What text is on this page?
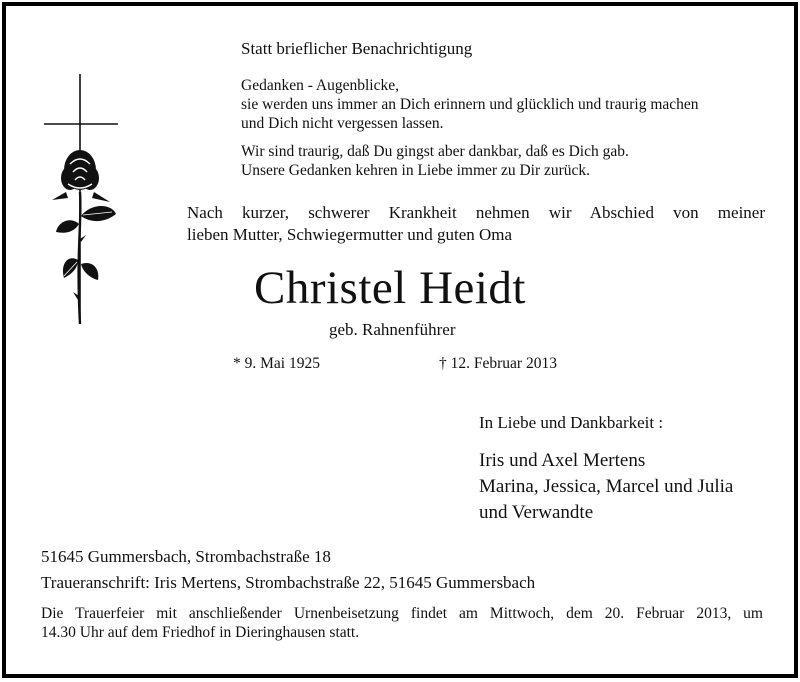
Statt brieflicher Benachrichtigung

Gedanken - Augenblicke,
sie werden uns immer an Dich erinnern und glücklich und traurig machen
und Dich nicht vergessen lassen.
Wir sind traurig, daß Du gingst aber dankbar, daß es Dich gab.
Unsere Gedanken kehren in Liebe immer zu Dir zurück.

Nach kurzer, schwerer Krankheit nehmen wir Abschied von meiner

lieben Mutter, Schwiegermutter und guten Oma

Christel Heidt

geb. Rahnenführer

* 9. Mai 1925	† 12. Februar 2013

In Liebe und Dankbarkeit :

Iris und Axel Mertens
Marina, Jessica, Marcel und Julia
und Verwandte

51645 Gummersbach, Strombachstraße 18

Traueranschrift: Iris Mertens, Strombachstraße 22, 51645 Gummersbach

Die Trauerfeier mit anschließender Urnenbeisetzung findet am Mittwoch, dem 20. Februar 2013, um

14.30 Uhr auf dem Friedhof in Dieringhausen statt.
